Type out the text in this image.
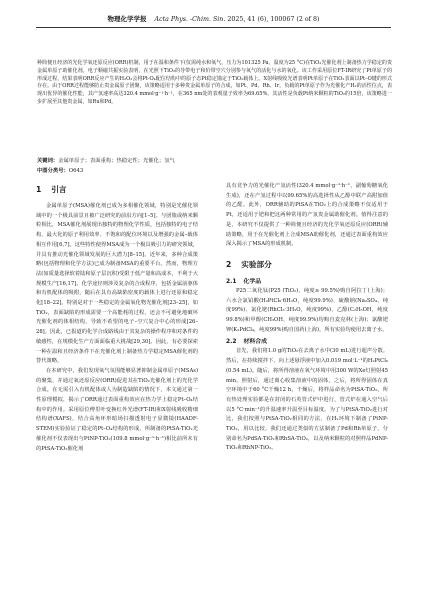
物理化学学报 Acta Phys. -Chim. Sin. 2025, 41 (6), 100067 (2 of 8)
种简便且经济的光化学氧还原反应(ORR)机制，用于在温和条件下(仅需纯水和氧气，压力为101325 Pa，温度为25 °C)在TiO₂光催化剂上制备热力学稳定的贵金属单原子助催化剂。电子顺磁共振实验表明，在光照下TiO₂的导带电子和价带空穴分别参与氧气的活化与水的氧化。该工作采用原位FT-IR研究了Pt单原子的形成过程，结果表明ORR反应产生的H₂O₂会将Pt-O₄配位结构中的原子态Pt稳定锚定于TiO₂载体上。X射线吸收光谱表明Pt单原子在TiO₂表面以Pt–O键的形式存在。由于ORR过程能够防止贵金属原子团聚，该策略适用于多种贵金属单原子的合成，如Pt、Pd、Rh、Ir。负载的Pt单原子作为光催化产H₂的活性位点，表现出优异的催化性能，其产氢速率高达320.4 mmol·g⁻¹·h⁻¹，在365 nm处的表观量子效率为69.65%。其活性是负载Pt纳米颗粒的TiO₂的15倍，该策略进一步扩展至其他贵金属，如Ru和Pd。
关键词：金属单原子；表面重构；热稳定性；光催化；氢气
中图分类号：O643
1 引言

金属单原子(MSA)催化剂已成为多相催化领域，特别是光催化领域中的一个极具前景且被广泛研究的前沿方向[1–5]。与团簇或纳米颗粒相比，MSA催化剂展现出独特的物理化学性质，包括独特的电子结构、最大化的原子利用效率、不饱和的配位环境以及增强的金属–载体相互作用[6,7]。这些特性使得MSA成为一个极具吸引力的研究领域，并具有推动光催化领域发展的巨大潜力[8–15]。近年来，多种合成策略(包括物理和化学方法)已成为制备MSA的重要平台。然而，物理方法(如质量选择软着陆和原子层沉积)受限于低产量和高成本，不利于大规模生产[16,17]。化学途径则涉及复杂的合成程序，包括金属前驱体和有机配体的吸附，随后在具有高缺陷密度的载体上进行还原和稳定化[18–22]。特别是对于一些稳定的金属氧化物光催化剂[23–25]，如TiO₂，表面缺陷的形成需要一个高能耗的过程，还会不可避免地破坏光催化剂的体相结构，导致不希望的电子–空穴复合中心的形成[26–28]。因此，已报道的化学合成路线由于其复杂的操作程序和对条件的敏感性，在规模化生产方面面临重大挑战[29,30]。因此，有必要探索一种在温和且经济条件下在光催化剂上制备热力学稳定MSA催化剂的替代策略。

在本研究中，我们发现氧气氛围能够显著抑制金属单原子(MSAs)的聚集，并通过氧还原反应(ORR)促进其在TiO₂光催化剂上的光化学合成。在无需引入有机配体或人为制造缺陷的情况下，本文通过第一性原理模拟，揭示了ORR通过表面重构效应在热力学上稳定Pt–O₄结构中的作用。采用原位傅里叶变换红外光谱(FT-IR)和X射线吸收精细结构谱(XAFS)，结合高角环形暗场扫描透射电子显微镜(HAADF-STEM)实验验证了稳定的Pt–O₄结构的形成。所制备的PtSA-TiO₂光催化剂不仅表现出与PtNP-TiO₂(109.8 mmol·g⁻¹·h⁻¹)相比前所未有的PtSA-TiO₂催化剂

具有竞争力的光催化产氢活性(320.4 mmol·g⁻¹·h⁻¹，副葡萄糖氧化生成)，还在产氢过程中以99.65%的高选择性从乙醇中联产高附加值的乙醛。此外，ORR辅助的PtSA在TiO₂上的合成策略不仅适用于Pt，还适用于钯和把这两种常用的产氢贵金属助催化剂。值得注意的是，本研究不仅提供了一种简便且经济的光化学氧还原反应(ORR)辅助策略，用于在光催化剂上合成MSA助催化剂，还通过表面重构效应深入揭示了MSA的形成机制。

2 实验部分
2.1 化学品

P25二氧化钛(P25 (TiO₂)，纯度≥ 99.5%)购自阿拉丁(上海)；六水合氯铂酸(H₂PtCl₆·6H₂O，纯度99.9%)、硫酸钠(Na₂SO₄，纯度99%)、氯化铑(RhCl₃·3H₂O，纯度99%)、乙醇(C₂H₅OH，纯度99.8%)和甲醇(CH₃OH，纯度99.9%)均购自麦克林(上海)；氯酸钯钾(K₂PdCl₄，纯度99%)购自国药(上海)。所有实验均使用去离子水。

2.2 材料合成

首先，我们将1.0 g的TiO₂在去离子水中(30 mL)进行超声分散。然后，在持续搅拌下，向上述悬浮液中加入0.019 mol·L⁻¹的H₂PtCl₆ (0.54 mL)。随后，将所得溶液在氧气环境中用300 W的Xe灯照射45 min。照射后，通过离心收集溶液中的固体，之后，将所得固体在真空环境中于60 °C干燥12 h，干燥后，将样品命名为PtSA-TiO₂。所有热处理实验都是在封闭的石英管式炉中进行，管式炉在通入空气后以5 °C·min⁻¹的升温速率升温至目标温度。为了与PtSA-TiO₂进行对比，我们按照与PtSA-TiO₂相同的方法，在H₂环境下制备了PtNP-TiO₂，用以比较。我们还通过类似的方法制备了Pd和Rh单原子，分别命名为PdSA-TiO₂和RhSA-TiO₂，以及纳米颗粒的对照样品PdNP-TiO₂和RhNP-TiO₂。
